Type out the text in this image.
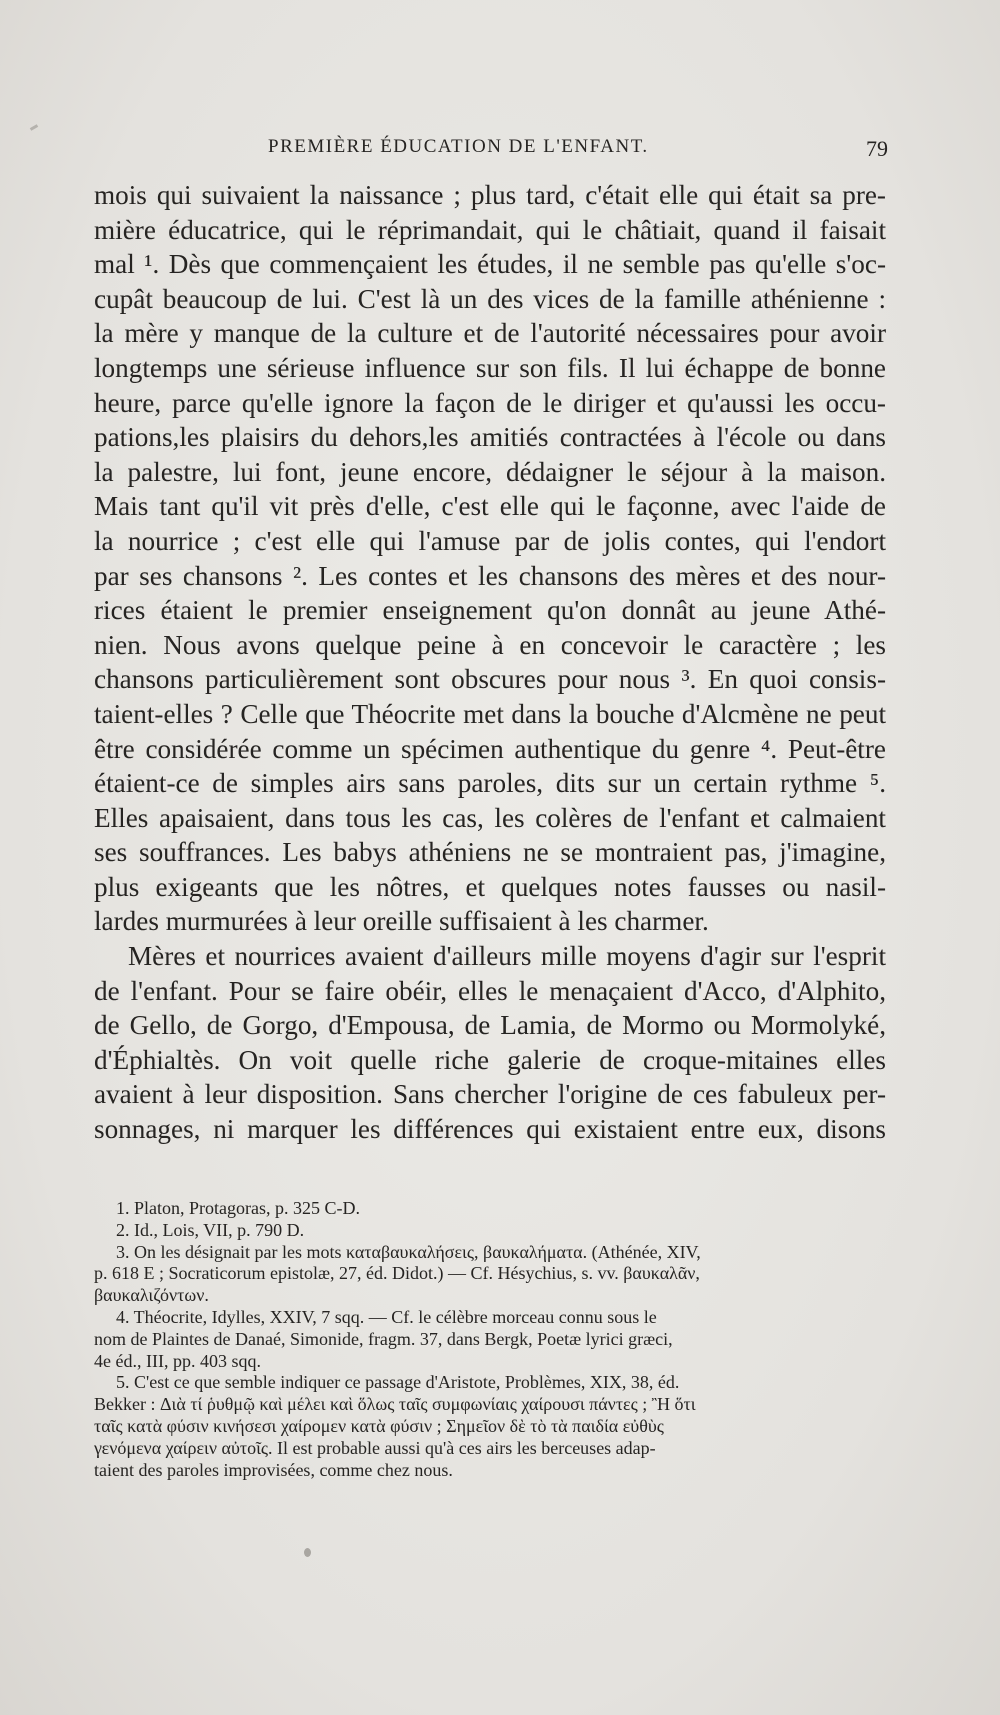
PREMIÈRE ÉDUCATION DE L'ENFANT.	79
mois qui suivaient la naissance ; plus tard, c'était elle qui était sa pre-
mière éducatrice, qui le réprimandait, qui le châtiait, quand il faisait
mal ¹. Dès que commençaient les études, il ne semble pas qu'elle s'oc-
cupât beaucoup de lui. C'est là un des vices de la famille athénienne :
la mère y manque de la culture et de l'autorité nécessaires pour avoir
longtemps une sérieuse influence sur son fils. Il lui échappe de bonne
heure, parce qu'elle ignore la façon de le diriger et qu'aussi les occu-
pations,les plaisirs du dehors,les amitiés contractées à l'école ou dans
la palestre, lui font, jeune encore, dédaigner le séjour à la maison.
Mais tant qu'il vit près d'elle, c'est elle qui le façonne, avec l'aide de
la nourrice ; c'est elle qui l'amuse par de jolis contes, qui l'endort
par ses chansons ². Les contes et les chansons des mères et des nour-
rices étaient le premier enseignement qu'on donnât au jeune Athé-
nien. Nous avons quelque peine à en concevoir le caractère ; les
chansons particulièrement sont obscures pour nous ³. En quoi consis-
taient-elles ? Celle que Théocrite met dans la bouche d'Alcmène ne peut
être considérée comme un spécimen authentique du genre ⁴. Peut-être
étaient-ce de simples airs sans paroles, dits sur un certain rythme ⁵.
Elles apaisaient, dans tous les cas, les colères de l'enfant et calmaient
ses souffrances. Les babys athéniens ne se montraient pas, j'imagine,
plus exigeants que les nôtres, et quelques notes fausses ou nasil-
lardes murmurées à leur oreille suffisaient à les charmer.
Mères et nourrices avaient d'ailleurs mille moyens d'agir sur l'esprit
de l'enfant. Pour se faire obéir, elles le menaçaient d'Acco, d'Alphito,
de Gello, de Gorgo, d'Empousa, de Lamia, de Mormo ou Mormolyké,
d'Éphialtès. On voit quelle riche galerie de croque-mitaines elles
avaient à leur disposition. Sans chercher l'origine de ces fabuleux per-
sonnages, ni marquer les différences qui existaient entre eux, disons
1. Platon, Protagoras, p. 325 C-D.
2. Id., Lois, VII, p. 790 D.
3. On les désignait par les mots καταβαυκαλήσεις, βαυκαλήματα. (Athénée, XIV,
p. 618 E ; Socraticorum epistolæ, 27, éd. Didot.) — Cf. Hésychius, s. vv. βαυκαλᾶν,
βαυκαλιζόντων.
4. Théocrite, Idylles, XXIV, 7 sqq. — Cf. le célèbre morceau connu sous le
nom de Plaintes de Danaé, Simonide, fragm. 37, dans Bergk, Poetæ lyrici græci,
4e éd., III, pp. 403 sqq.
5. C'est ce que semble indiquer ce passage d'Aristote, Problèmes, XIX, 38, éd.
Bekker : Διὰ τί ῥυθμῷ καὶ μέλει καὶ ὅλως ταῖς συμφωνίαις χαίρουσι πάντες ; Ἢ ὅτι
ταῖς κατὰ φύσιν κινήσεσι χαίρομεν κατὰ φύσιν ; Σημεῖον δὲ τὸ τὰ παιδία εὐθὺς
γενόμενα χαίρειν αὐτοῖς. Il est probable aussi qu'à ces airs les berceuses adap-
taient des paroles improvisées, comme chez nous.
